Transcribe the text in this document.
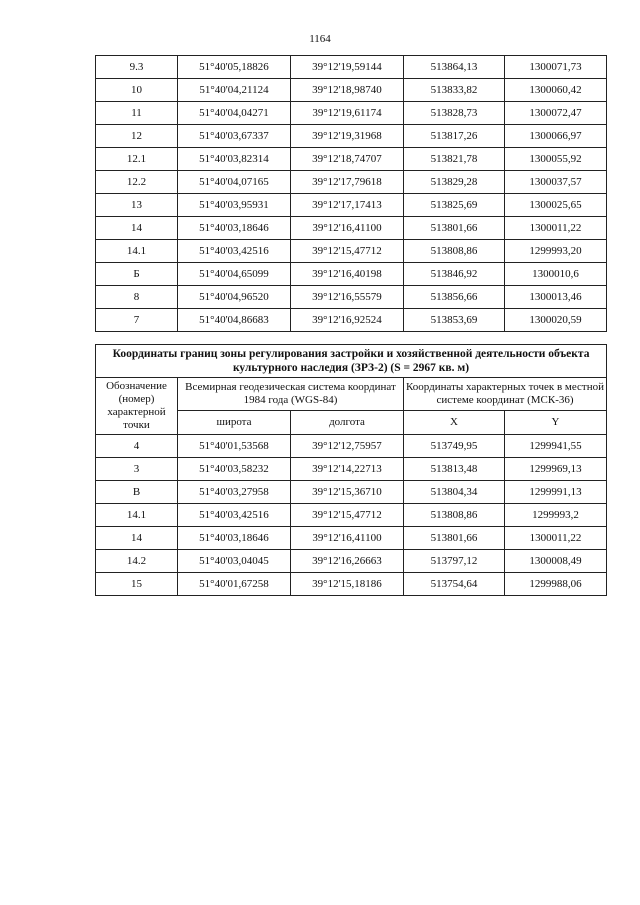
1164
9.3	51°40'05,18826	39°12'19,59144	513864,13	1300071,73
10	51°40'04,21124	39°12'18,98740	513833,82	1300060,42
11	51°40'04,04271	39°12'19,61174	513828,73	1300072,47
12	51°40'03,67337	39°12'19,31968	513817,26	1300066,97
12.1	51°40'03,82314	39°12'18,74707	513821,78	1300055,92
12.2	51°40'04,07165	39°12'17,79618	513829,28	1300037,57
13	51°40'03,95931	39°12'17,17413	513825,69	1300025,65
14	51°40'03,18646	39°12'16,41100	513801,66	1300011,22
14.1	51°40'03,42516	39°12'15,47712	513808,86	1299993,20
Б	51°40'04,65099	39°12'16,40198	513846,92	1300010,6
8	51°40'04,96520	39°12'16,55579	513856,66	1300013,46
7	51°40'04,86683	39°12'16,92524	513853,69	1300020,59
Координаты границ зоны регулирования застройки и хозяйственной деятельности объекта культурного наследия (ЗРЗ-2) (S = 2967 кв. м)				
Обозначение (номер) характерной точки	Всемирная геодезическая система координат 1984 года (WGS-84)		Координаты характерных точек в местной системе координат (МСК-36)	
	широта	долгота	X	Y
4	51°40'01,53568	39°12'12,75957	513749,95	1299941,55
3	51°40'03,58232	39°12'14,22713	513813,48	1299969,13
В	51°40'03,27958	39°12'15,36710	513804,34	1299991,13
14.1	51°40'03,42516	39°12'15,47712	513808,86	1299993,2
14	51°40'03,18646	39°12'16,41100	513801,66	1300011,22
14.2	51°40'03,04045	39°12'16,26663	513797,12	1300008,49
15	51°40'01,67258	39°12'15,18186	513754,64	1299988,06
